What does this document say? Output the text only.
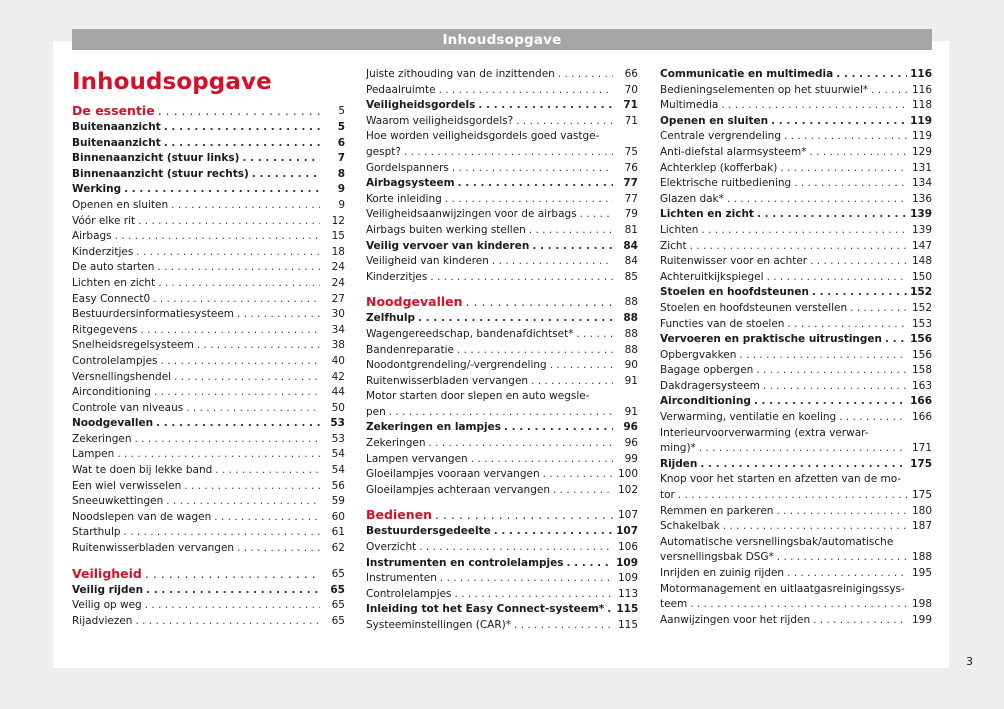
Inhoudsopgave
Inhoudsopgave
De essentie . . .	5
Buitenaanzicht . . .	5
Buitenaanzicht . . .	6
Binnenaanzicht (stuur links) . . .	7
Binnenaanzicht (stuur rechts) . . .	8
Werking . . .	9
Openen en sluiten . . .	9
Vóór elke rit . . .	12
Airbags . . .	15
Kinderzitjes . . .	18
De auto starten . . .	24
Lichten en zicht . . .	24
Easy Connect0 . . .	27
Bestuurdersinformatiesysteem . . .	30
Ritgegevens . . .	34
Snelheidsregelsysteem . . .	38
Controlelampjes . . .	40
Versnellingshendel . . .	42
Airconditioning . . .	44
Controle van niveaus . . .	50
Noodgevallen . . .	53
Zekeringen . . .	53
Lampen . . .	54
Wat te doen bij lekke band . . .	54
Een wiel verwisselen . . .	56
Sneeuwkettingen . . .	59
Noodslepen van de wagen . . .	60
Starthulp . . .	61
Ruitenwisserbladen vervangen . . .	62
Veiligheid . . .	65
Veilig rijden . . .	65
Veilig op weg . . .	65
Rijadviezen . . .	65
Juiste zithouding van de inzittenden . . .	66
Pedaalruimte . . .	70
Veiligheidsgordels . . .	71
Waarom veiligheidsgordels? . . .	71
Hoe worden veiligheidsgordels goed vastge-
gespt? . . .	75
Gordelspanners . . .	76
Airbagsysteem . . .	77
Korte inleiding . . .	77
Veiligheidsaanwijzingen voor de airbags . . .	79
Airbags buiten werking stellen . . .	81
Veilig vervoer van kinderen . . .	84
Veiligheid van kinderen . . .	84
Kinderzitjes . . .	85
Noodgevallen . . .	88
Zelfhulp . . .	88
Wagengereedschap, bandenafdichtset* . . .	88
Bandenreparatie . . .	88
Noodontgrendeling/-vergrendeling . . .	90
Ruitenwisserbladen vervangen . . .	91
Motor starten door slepen en auto wegsle-
pen . . .	91
Zekeringen en lampjes . . .	96
Zekeringen . . .	96
Lampen vervangen . . .	99
Gloeilampjes vooraan vervangen . . .	100
Gloeilampjes achteraan vervangen . . .	102
Bedienen . . .	107
Bestuurdersgedeelte . . .	107
Overzicht . . .	106
Instrumenten en controlelampjes . . .	109
Instrumenten . . .	109
Controlelampjes . . .	113
Inleiding tot het Easy Connect-systeem* . . . 115
Systeeminstellingen (CAR)* . . .	115
Communicatie en multimedia . . .	116
Bedieningselementen op het stuurwiel* . . .	116
Multimedia . . .	118
Openen en sluiten . . .	119
Centrale vergrendeling . . .	119
Anti-diefstal alarmsysteem* . . .	129
Achterklep (kofferbak) . . .	131
Elektrische ruitbediening . . .	134
Glazen dak* . . .	136
Lichten en zicht . . .	139
Lichten . . .	139
Zicht . . .	147
Ruitenwisser voor en achter . . .	148
Achteruitkijkspiegel . . .	150
Stoelen en hoofdsteunen . . .	152
Stoelen en hoofdsteunen verstellen . . .	152
Functies van de stoelen . . .	153
Vervoeren en praktische uitrustingen . . .	156
Opbergvakken . . .	156
Bagage opbergen . . .	158
Dakdragersysteem . . .	163
Airconditioning . . .	166
Verwarming, ventilatie en koeling . . .	166
Interieurvoorverwarming (extra verwar-
ming)* . . .	171
Rijden . . .	175
Knop voor het starten en afzetten van de mo-
tor . . .	175
Remmen en parkeren . . .	180
Schakelbak . . .	187
Automatische versnellingsbak/automatische
versnellingsbak DSG* . . .	188
Inrijden en zuinig rijden . . .	195
Motormanagement en uitlaatgasreinigingssys-
teem . . .	198
Aanwijzingen voor het rijden . . .	199
3
